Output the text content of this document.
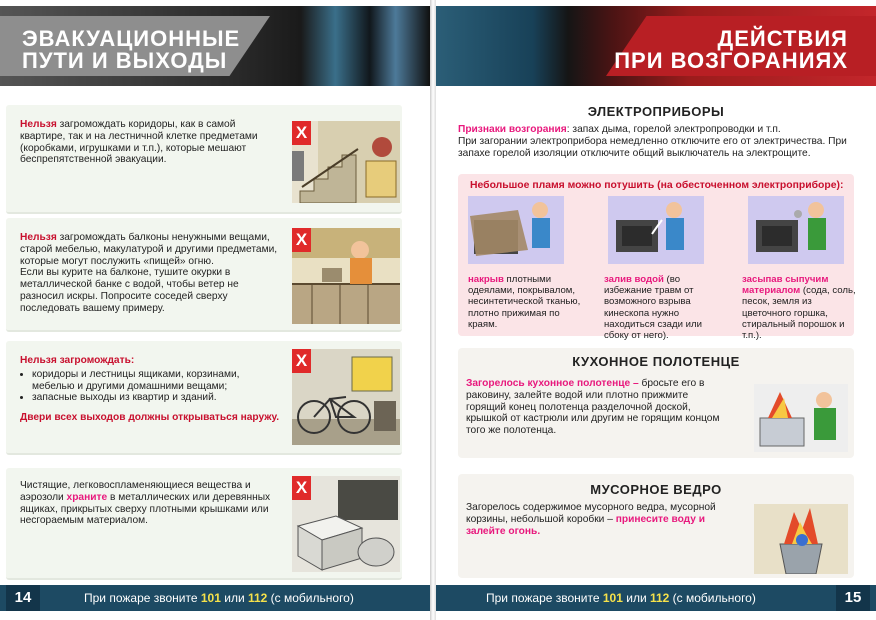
ЭВАКУАЦИОННЫЕ
ПУТИ И ВЫХОДЫ
Нельзя загромождать коридоры, как в самой квартире, так и на лестничной клетке предметами (коробками, игрушками и т.п.), которые мешают беспрепятственной эвакуации.
X
Нельзя загромождать балконы ненужными вещами, старой мебелью, макулатурой и другими предметами, которые могут послужить «пищей» огню.
Если вы курите на балконе, тушите окурки в металлической банке с водой, чтобы ветер не разносил искры. Попросите соседей сверху последовать вашему примеру.
X
Нельзя загромождать:
• коридоры и лестницы ящиками, корзинами, мебелью и другими домашними вещами;
• запасные выходы из квартир и зданий.
Двери всех выходов должны открываться наружу.
X
Чистящие, легковоспламеняющиеся вещества и аэрозоли храните в металлических или деревянных ящиках, прикрытых сверху плотными крышками или несгораемым материалом.
X
14	При пожаре звоните 101 или 112 (с мобильного)
ДЕЙСТВИЯ
ПРИ ВОЗГОРАНИЯХ
ЭЛЕКТРОПРИБОРЫ
Признаки возгорания: запах дыма, горелой электропроводки и т.п.
При загорании электроприбора немедленно отключите его от электричества. При запахе горелой изоляции отключите общий выключатель на электрощите.
Небольшое пламя можно потушить (на обесточенном электроприборе):
накрыв плотными одеялами, покрывалом, несинтетической тканью, плотно прижимая по краям.
залив водой (во избежание травм от возможного взрыва кинескопа нужно находиться сзади или сбоку от него).
засыпав сыпучим материалом (сода, соль, песок, земля из цветочного горшка, стиральный порошок и т.п.).
КУХОННОЕ ПОЛОТЕНЦЕ
Загорелось кухонное полотенце – бросьте его в раковину, залейте водой или плотно прижмите горящий конец полотенца разделочной доской, крышкой от кастрюли или другим не горящим концом того же полотенца.
МУСОРНОЕ ВЕДРО
Загорелось содержимое мусорного ведра, мусорной корзины, небольшой коробки – принесите воду и залейте огонь.
При пожаре звоните 101 или 112 (с мобильного)	15
